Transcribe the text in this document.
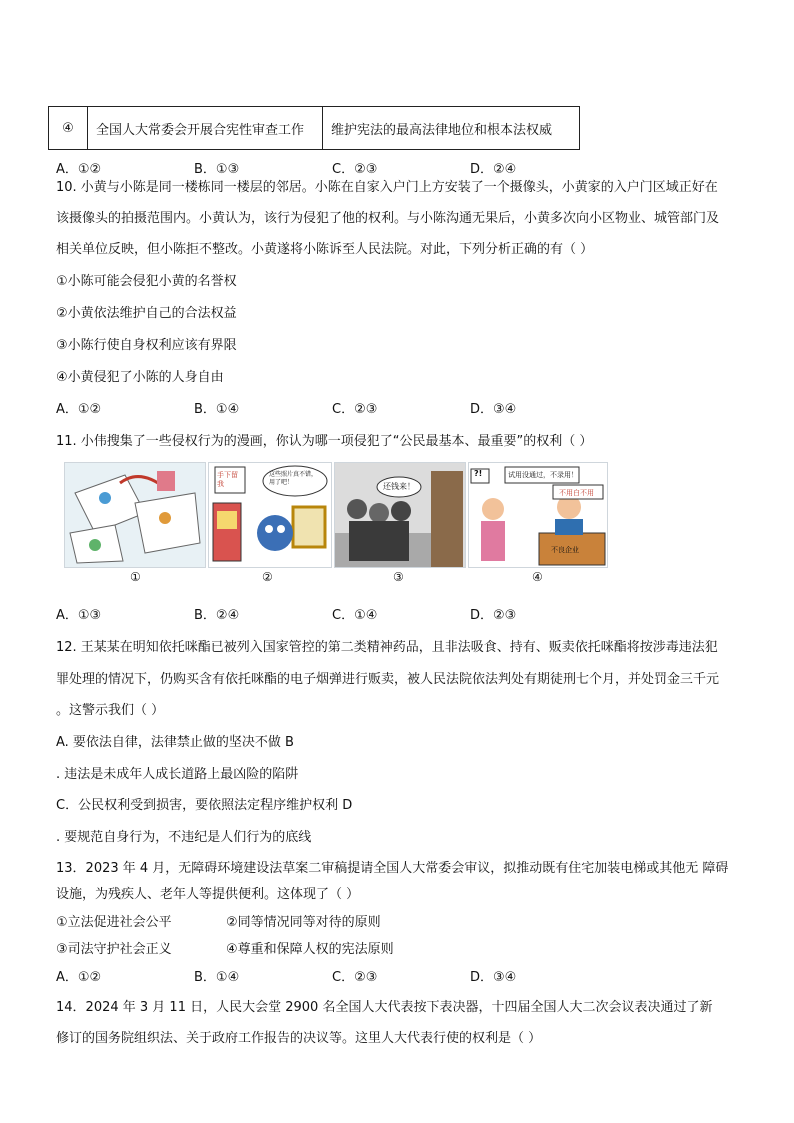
④	全国人大常委会开展合宪性审查工作	维护宪法的最高法律地位和根本法权威
A．①②	B．①③	C．②③	D．②④
10. 小黄与小陈是同一楼栋同一楼层的邻居。小陈在自家入户门上方安装了一个摄像头，小黄家的入户门区域正好在
该摄像头的拍摄范围内。小黄认为，该行为侵犯了他的权利。与小陈沟通无果后，小黄多次向小区物业、城管部门及
相关单位反映，但小陈拒不整改。小黄遂将小陈诉至人民法院。对此，下列分析正确的有（ ）
①小陈可能会侵犯小黄的名誉权
②小黄依法维护自己的合法权益
③小陈行使自身权利应该有界限
④小黄侵犯了小陈的人身自由
A．①②	B．①④	C．②③	D．③④
11. 小伟搜集了一些侵权行为的漫画，你认为哪一项侵犯了“公民最基本、最重要”的权利（ ）
手下留我
这些照片真不错，用了吧！	还钱来！
?!	试用没通过，不录用！
不用白不用
不良企业
①	②	③	④
A．①③	B．②④	C．①④	D．②③
12. 王某某在明知依托咪酯已被列入国家管控的第二类精神药品，且非法吸食、持有、贩卖依托咪酯将按涉毒违法犯
罪处理的情况下，仍购买含有依托咪酯的电子烟弹进行贩卖，被人民法院依法判处有期徒刑七个月，并处罚金三千元
。这警示我们（ ）
A. 要依法自律，法律禁止做的坚决不做 B
. 违法是未成年人成长道路上最凶险的陷阱
C．公民权利受到损害，要依照法定程序维护权利 D
. 要规范自身行为，不违纪是人们行为的底线
13．2023 年 4 月，无障碍环境建设法草案二审稿提请全国人大常委会审议，拟推动既有住宅加装电梯或其他无 障碍
设施，为残疾人、老年人等提供便利。这体现了（ ）
①立法促进社会公平	②同等情况同等对待的原则
③司法守护社会正义	④尊重和保障人权的宪法原则
A．①②	B．①④	C．②③	D．③④
14．2024 年 3 月 11 日，人民大会堂 2900 名全国人大代表按下表决器，十四届全国人大二次会议表决通过了新
修订的国务院组织法、关于政府工作报告的决议等。这里人大代表行使的权利是（ ）
